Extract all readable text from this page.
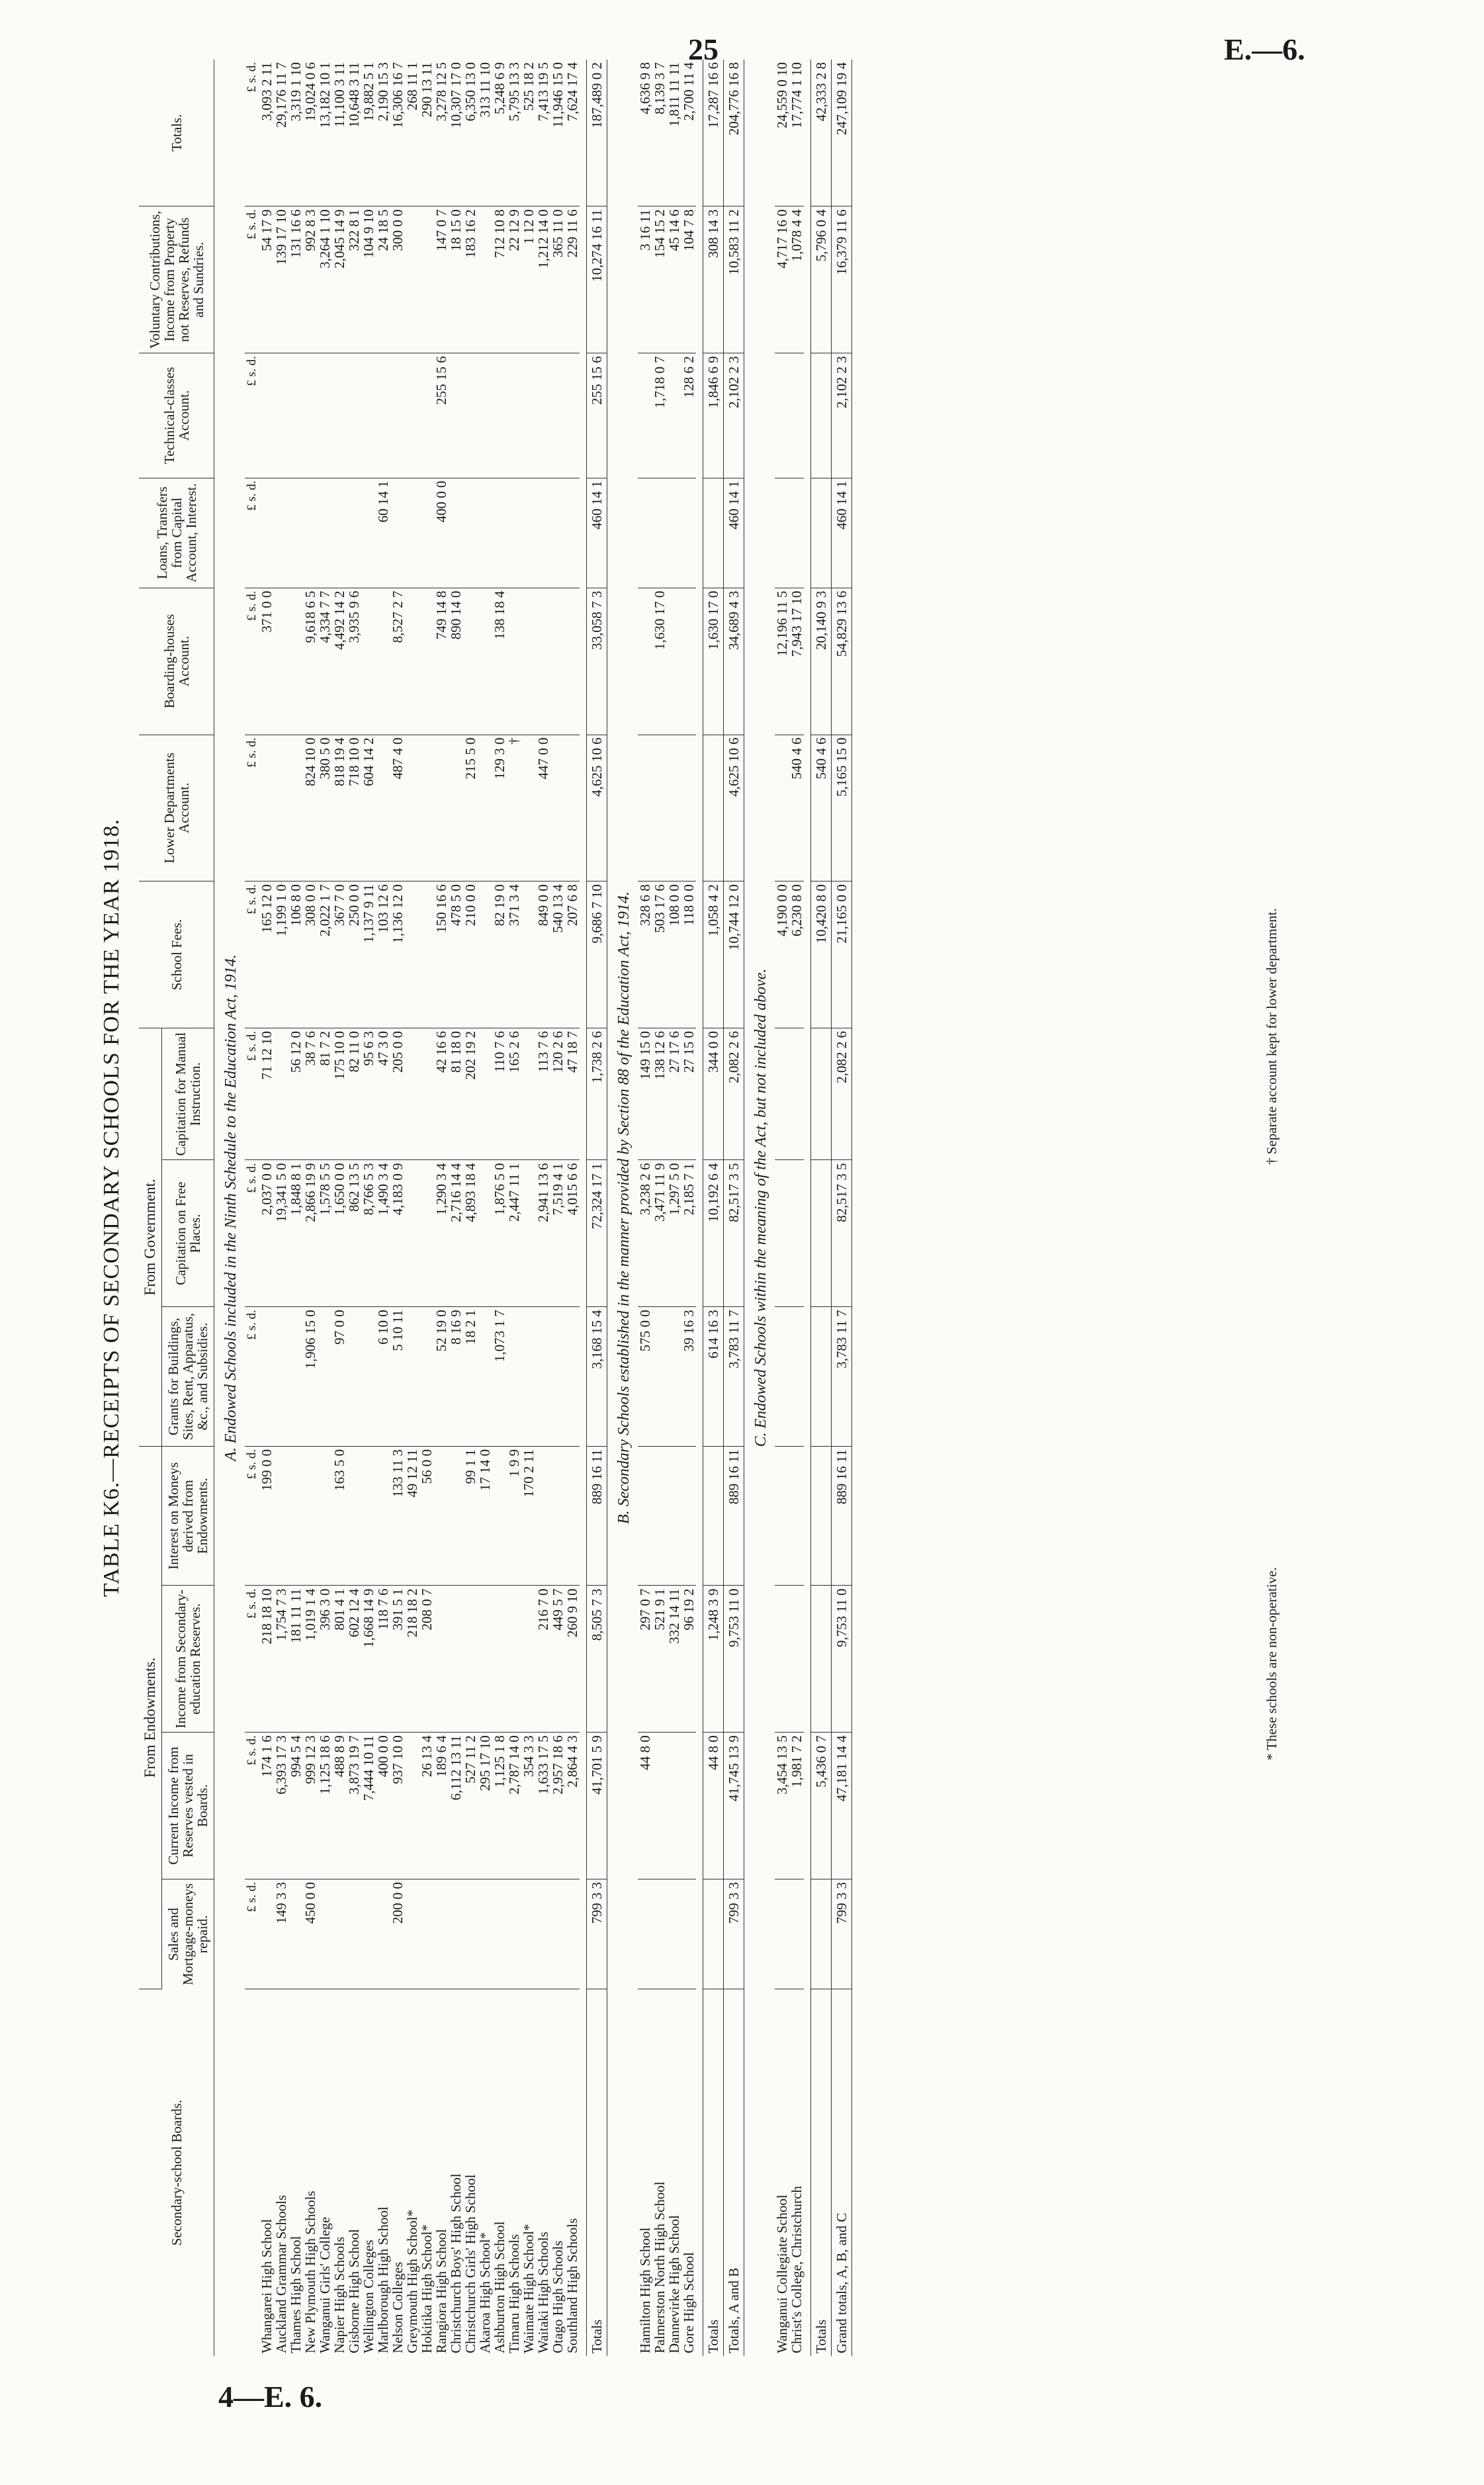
25	E.—6.
4—E. 6.
TABLE K6.—RECEIPTS OF SECONDARY SCHOOLS FOR THE YEAR 1918.
Secondary-school Boards.	From Endowments.				From Government.			School Fees.	Lower Departments Account.	Boarding-houses Account.	Loans, Transfers from Capital Account, Interest.	Technical-classes Account.	Voluntary Contributions, Income from Property not Reserves, Refunds and Sundries.	Totals.
	Sales and Mortgage-moneys repaid.	Current Income from Reserves vested in Boards.	Income from Secondary-education Reserves.	Interest on Moneys derived from Endowments.	Grants for Buildings, Sites, Rent, Apparatus, &c., and Subsidies.	Capitation on Free Places.	Capitation for Manual Instruction.							
A. Endowed Schools included in the Ninth Schedule to the Education Act, 1914.														
	£ s. d.	£ s. d.	£ s. d.	£ s. d.	£ s. d.	£ s. d.	£ s. d.	£ s. d.	£ s. d.	£ s. d.	£ s. d.	£ s. d.	£ s. d.	£ s. d.
Whangarei High School		174 1 6	218 18 10	199 0 0		2,037 0 0	71 12 10	165 12 0		371 0 0			54 17 9	3,093 2 11
Auckland Grammar Schools	149 3 3	6,393 17 3	1,754 7 3			19,341 5 0		1,199 1 0					139 17 10	29,176 11 7
Thames High School		994 5 4	181 11 11			1,848 8 1	56 12 0	106 8 0					131 16 6	3,319 1 10
New Plymouth High Schools	450 0 0	999 12 3	1,019 1 4		1,906 15 0	2,866 19 9	38 7 6	308 0 0	824 10 0	9,618 6 5			992 8 3	19,024 0 6
Wanganui Girls' College		1,125 18 6	396 3 0			1,578 5 5	81 7 2	2,022 1 7	380 5 0	4,334 7 7			3,264 1 10	13,182 10 1
Napier High Schools		488 8 9	801 4 1	163 5 0	97 0 0	1,650 0 0	175 10 0	367 7 0	818 19 4	4,492 14 2			2,045 14 9	11,100 3 11
Gisborne High School		3,873 19 7	602 12 4			862 13 5	82 11 0	250 0 0	718 10 0	3,935 9 6			322 8 1	10,648 3 11
Wellington Colleges		7,444 10 11	1,668 14 9			8,766 5 3	95 6 3	1,137 9 11	604 14 2				104 9 10	19,882 5 1
Marlborough High School		400 0 0	118 7 6		6 10 0	1,490 3 4	47 3 0	103 12 6			60 14 1		24 18 5	2,190 15 3
Nelson Colleges	200 0 0	937 10 0	391 5 1	133 11 3	5 10 11	4,183 0 9	205 0 0	1,136 12 0	487 4 0	8,527 2 7			300 0 0	16,306 16 7
Greymouth High School*			218 18 2	49 12 11										268 11 1
Hokitika High School*		26 13 4	208 0 7	56 0 0										290 13 11
Rangiora High School		189 6 4			52 19 0	1,290 3 4	42 16 6	150 16 6		749 14 8	400 0 0	255 15 6	147 0 7	3,278 12 5
Christchurch Boys' High School		6,112 13 11			8 16 9	2,716 14 4	81 18 0	478 5 0		890 14 0			18 15 0	10,307 17 0
Christchurch Girls' High School		527 11 2		99 1 1	18 2 1	4,893 18 4	202 19 2	210 0 0	215 5 0				183 16 2	6,350 13 0
Akaroa High School*		295 17 10		17 14 0										313 11 10
Ashburton High School		1,125 1 8			1,073 1 7	1,876 5 0	110 7 6	82 19 0	129 3 0	138 18 4			712 10 8	5,248 6 9
Timaru High Schools		2,787 14 0		1 9 9		2,447 11 1	165 2 6	371 3 4	†				22 12 9	5,795 13 3
Waimate High School*		354 3 3		170 2 11									1 12 0	525 18 2
Waitaki High Schools		1,633 17 5	216 7 0			2,941 13 6	113 7 6	849 0 0	447 0 0				1,212 14 0	7,413 19 5
Otago High Schools		2,957 18 6	449 5 7			7,519 4 1	120 2 6	540 13 4					365 11 0	11,946 15 0
Southland High Schools		2,864 4 3	260 9 10			4,015 6 6	47 18 7	207 6 8					229 11 6	7,624 17 4

Totals	799 3 3	41,701 5 9	8,505 7 3	889 16 11	3,168 15 4	72,324 17 1	1,738 2 6	9,686 7 10	4,625 10 6	33,058 7 3	460 14 1	255 15 6	10,274 16 11	187,489 0 2
B. Secondary Schools established in the manner provided by Section 88 of the Education Act, 1914.														
Hamilton High School		44 8 0	297 0 7		575 0 0	3,238 2 6	149 15 0	328 6 8					3 16 11	4,636 9 8
Palmerston North High School			521 9 1			3,471 11 9	138 12 6	503 17 6		1,630 17 0		1,718 0 7	154 15 2	8,139 3 7
Dannevirke High School			332 14 11			1,297 5 0	27 17 6	108 0 0					45 14 6	1,811 11 11
Gore High School			96 19 2		39 16 3	2,185 7 1	27 15 0	118 0 0				128 6 2	104 7 8	2,700 11 4

Totals		44 8 0	1,248 3 9		614 16 3	10,192 6 4	344 0 0	1,058 4 2		1,630 17 0		1,846 6 9	308 14 3	17,287 16 6
Totals, A and B	799 3 3	41,745 13 9	9,753 11 0	889 16 11	3,783 11 7	82,517 3 5	2,082 2 6	10,744 12 0	4,625 10 6	34,689 4 3	460 14 1	2,102 2 3	10,583 11 2	204,776 16 8
C. Endowed Schools within the meaning of the Act, but not included above.														
Wanganui Collegiate School		3,454 13 5						4,190 0 0		12,196 11 5			4,717 16 0	24,559 0 10
Christ's College, Christchurch		1,981 7 2						6,230 8 0	540 4 6	7,943 17 10			1,078 4 4	17,774 1 10

Totals		5,436 0 7						10,420 8 0	540 4 6	20,140 9 3			5,796 0 4	42,333 2 8
Grand totals, A, B, and C	799 3 3	47,181 14 4	9,753 11 0	889 16 11	3,783 11 7	82,517 3 5	2,082 2 6	21,165 0 0	5,165 15 0	54,829 13 6	460 14 1	2,102 2 3	16,379 11 6	247,109 19 4
* These schools are non-operative.
† Separate account kept for lower department.
